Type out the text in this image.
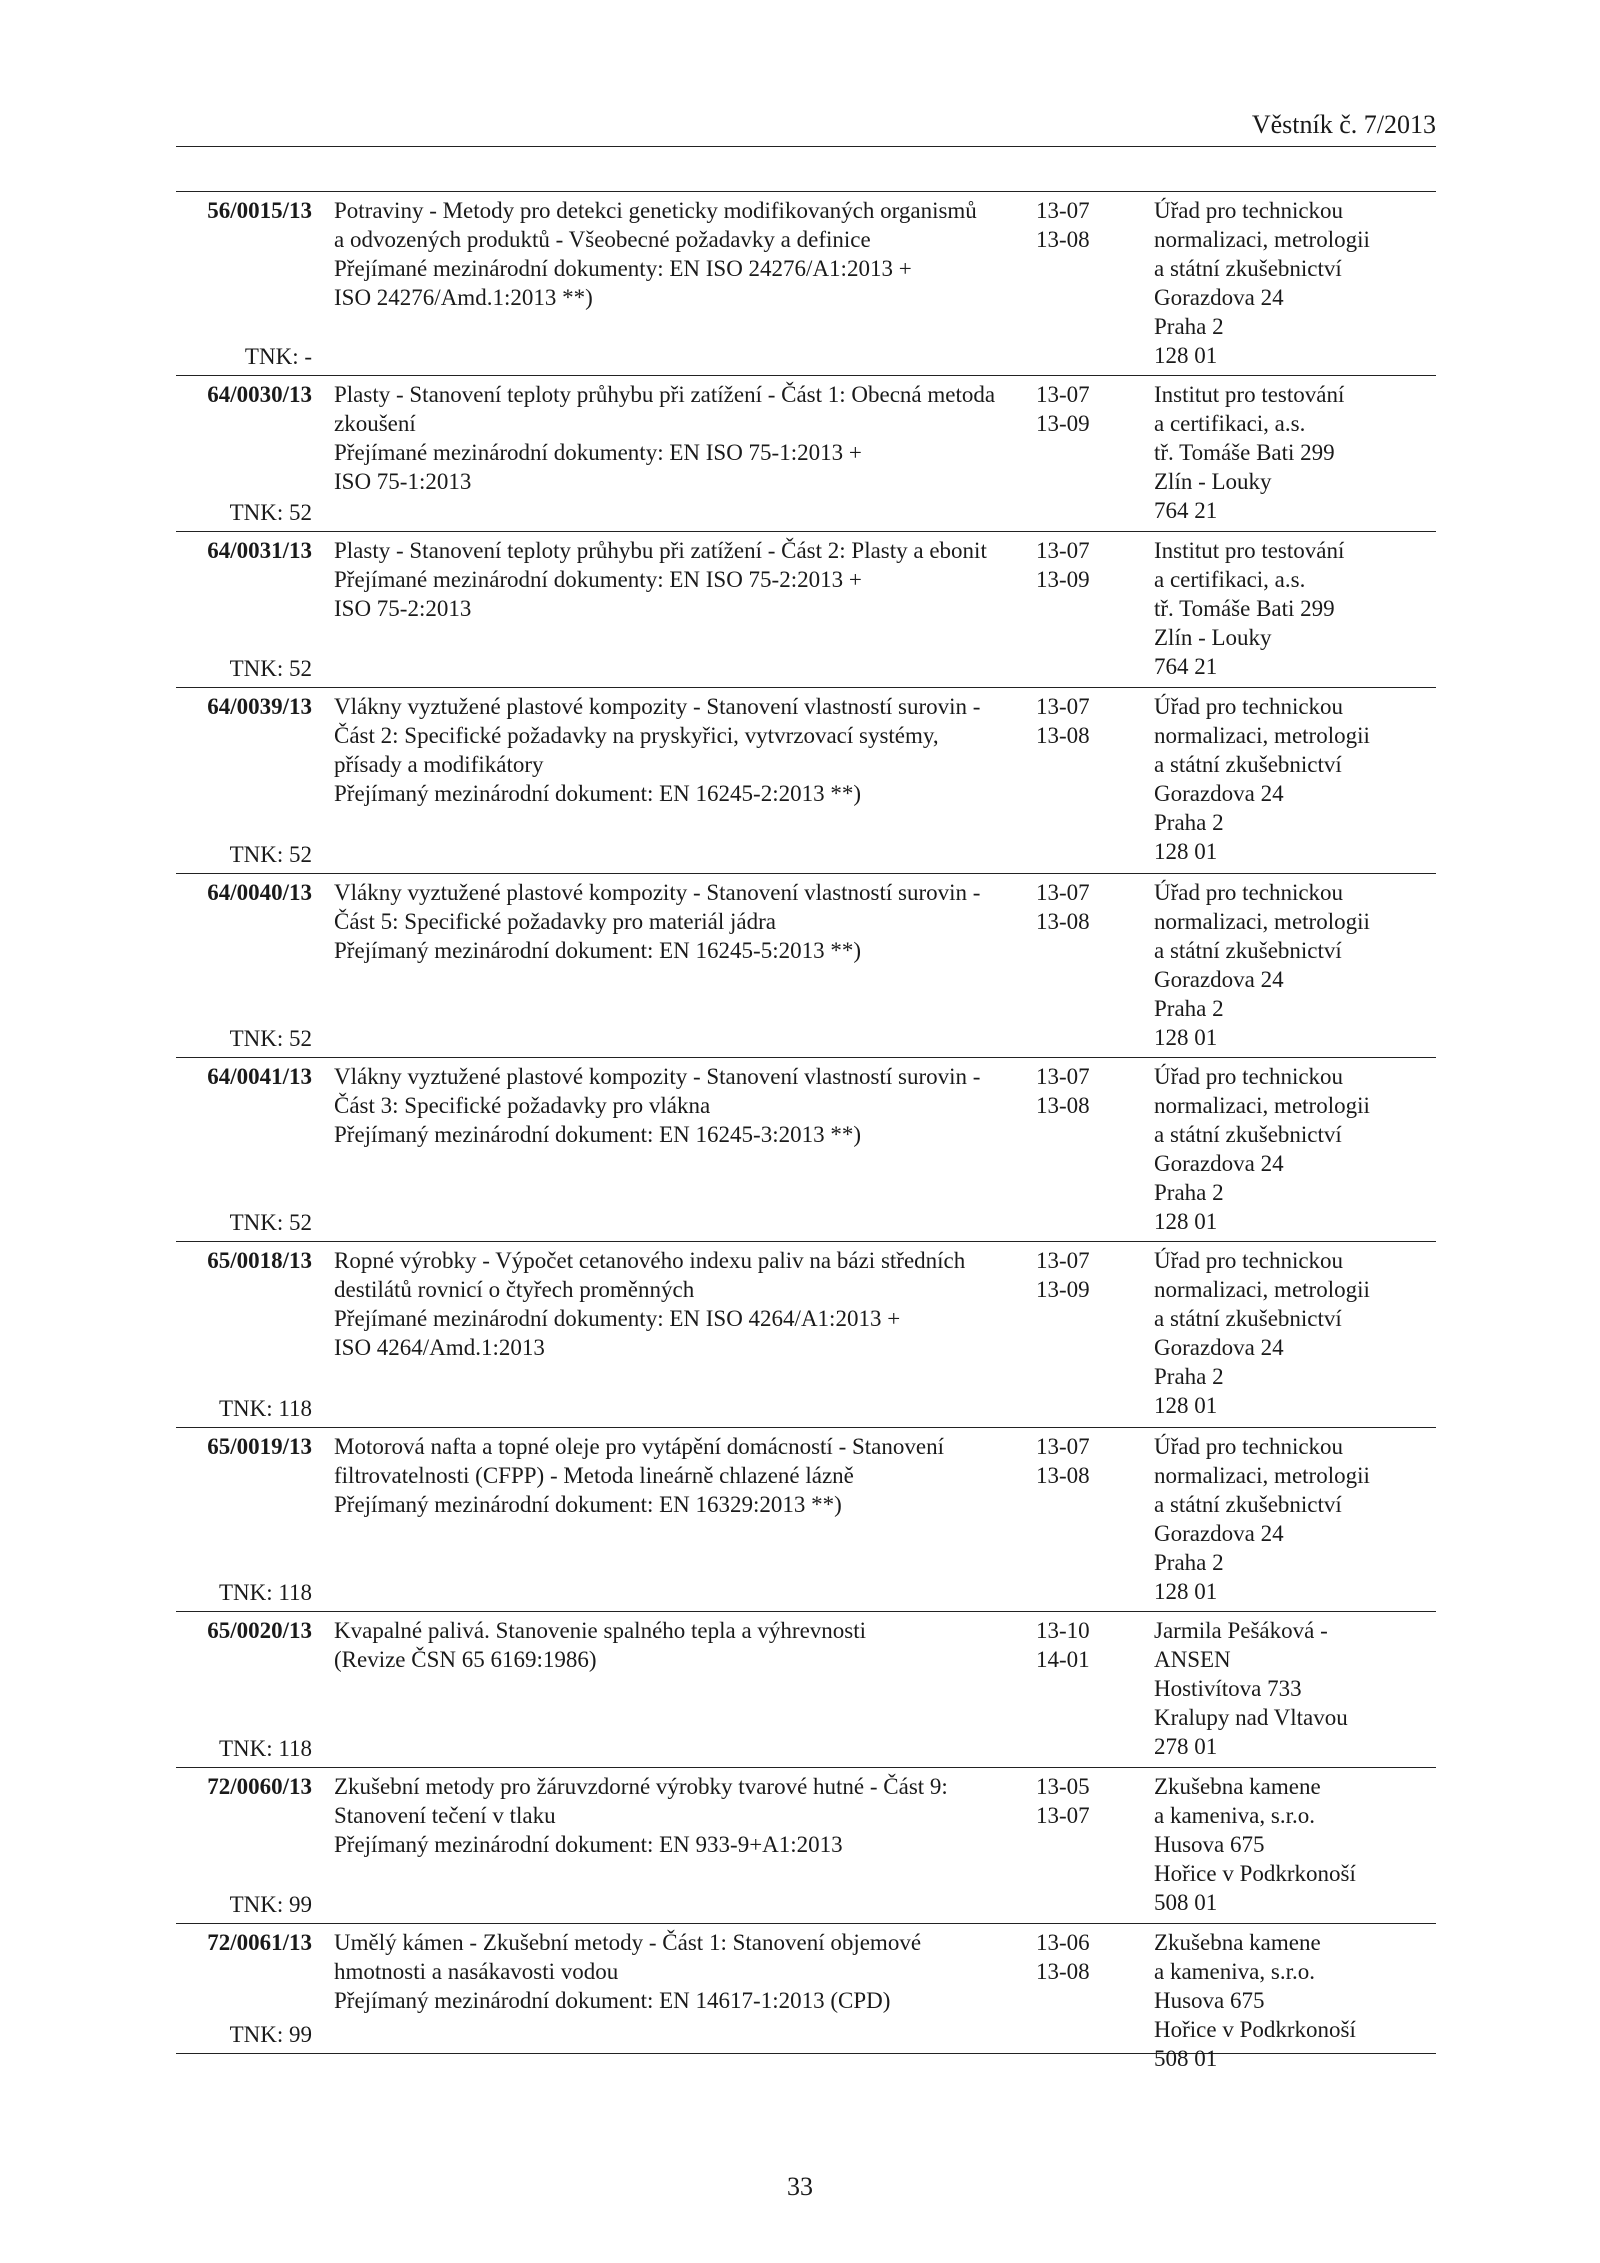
Věstník č. 7/2013
56/0015/13
TNK: -
Potraviny - Metody pro detekci geneticky modifikovaných organismů
a odvozených produktů - Všeobecné požadavky a definice
Přejímané mezinárodní dokumenty: EN ISO 24276/A1:2013 +
ISO 24276/Amd.1:2013 **)
13-07
13-08
Úřad pro technickou
normalizaci, metrologii
a státní zkušebnictví
Gorazdova 24
Praha 2
128 01
64/0030/13
TNK: 52
Plasty - Stanovení teploty průhybu při zatížení - Část 1: Obecná metoda
zkoušení
Přejímané mezinárodní dokumenty: EN ISO 75-1:2013 +
ISO 75-1:2013
13-07
13-09
Institut pro testování
a certifikaci, a.s.
tř. Tomáše Bati 299
Zlín - Louky
764 21
64/0031/13
TNK: 52
Plasty - Stanovení teploty průhybu při zatížení - Část 2: Plasty a ebonit
Přejímané mezinárodní dokumenty: EN ISO 75-2:2013 +
ISO 75-2:2013
13-07
13-09
Institut pro testování
a certifikaci, a.s.
tř. Tomáše Bati 299
Zlín - Louky
764 21
64/0039/13
TNK: 52
Vlákny vyztužené plastové kompozity - Stanovení vlastností surovin -
Část 2: Specifické požadavky na pryskyřici, vytvrzovací systémy,
přísady a modifikátory
Přejímaný mezinárodní dokument: EN 16245-2:2013 **)
13-07
13-08
Úřad pro technickou
normalizaci, metrologii
a státní zkušebnictví
Gorazdova 24
Praha 2
128 01
64/0040/13
TNK: 52
Vlákny vyztužené plastové kompozity - Stanovení vlastností surovin -
Část 5: Specifické požadavky pro materiál jádra
Přejímaný mezinárodní dokument: EN 16245-5:2013 **)
13-07
13-08
Úřad pro technickou
normalizaci, metrologii
a státní zkušebnictví
Gorazdova 24
Praha 2
128 01
64/0041/13
TNK: 52
Vlákny vyztužené plastové kompozity - Stanovení vlastností surovin -
Část 3: Specifické požadavky pro vlákna
Přejímaný mezinárodní dokument: EN 16245-3:2013 **)
13-07
13-08
Úřad pro technickou
normalizaci, metrologii
a státní zkušebnictví
Gorazdova 24
Praha 2
128 01
65/0018/13
TNK: 118
Ropné výrobky - Výpočet cetanového indexu paliv na bázi středních
destilátů rovnicí o čtyřech proměnných
Přejímané mezinárodní dokumenty: EN ISO 4264/A1:2013 +
ISO 4264/Amd.1:2013
13-07
13-09
Úřad pro technickou
normalizaci, metrologii
a státní zkušebnictví
Gorazdova 24
Praha 2
128 01
65/0019/13
TNK: 118
Motorová nafta a topné oleje pro vytápění domácností - Stanovení
filtrovatelnosti (CFPP) - Metoda lineárně chlazené lázně
Přejímaný mezinárodní dokument: EN 16329:2013 **)
13-07
13-08
Úřad pro technickou
normalizaci, metrologii
a státní zkušebnictví
Gorazdova 24
Praha 2
128 01
65/0020/13
TNK: 118
Kvapalné palivá. Stanovenie spalného tepla a výhrevnosti
(Revize ČSN 65 6169:1986)
13-10
14-01
Jarmila Pešáková -
ANSEN
Hostivítova 733
Kralupy nad Vltavou
278 01
72/0060/13
TNK: 99
Zkušební metody pro žáruvzdorné výrobky tvarové hutné - Část 9:
Stanovení tečení v tlaku
Přejímaný mezinárodní dokument: EN 933-9+A1:2013
13-05
13-07
Zkušebna kamene
a kameniva, s.r.o.
Husova 675
Hořice v Podkrkonoší
508 01
72/0061/13
TNK: 99
Umělý kámen - Zkušební metody - Část 1: Stanovení objemové
hmotnosti a nasákavosti vodou
Přejímaný mezinárodní dokument: EN 14617-1:2013 (CPD)
13-06
13-08
Zkušebna kamene
a kameniva, s.r.o.
Husova 675
Hořice v Podkrkonoší
508 01
33
